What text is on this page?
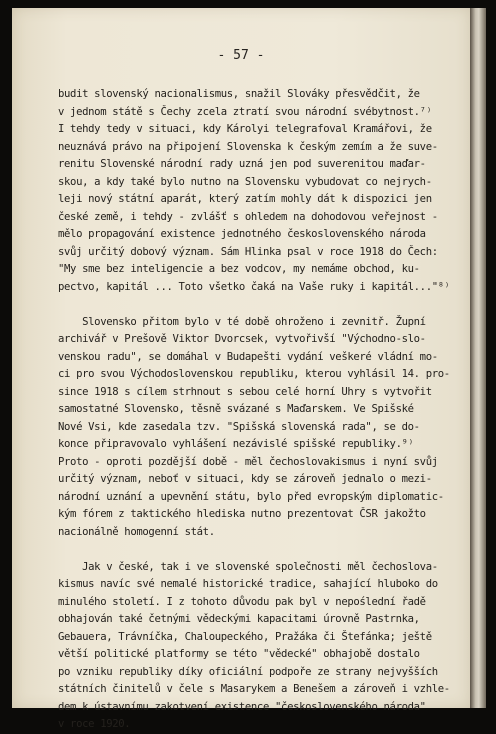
- 57 -
budit slovenský nacionalismus, snažil Slováky přesvědčit, že
v jednom státě s Čechy zcela ztratí svou národní svébytnost.⁷⁾
I tehdy tedy v situaci, kdy Károlyi telegrafoval Kramářovi, že
neuznává právo na připojení Slovenska k českým zemím a že suve-
renitu Slovenské národní rady uzná jen pod suverenitou maďar-
skou, a kdy také bylo nutno na Slovensku vybudovat co nejrych-
leji nový státní aparát, který zatím mohly dát k dispozici jen
české země, i tehdy - zvlášť s ohledem na dohodovou veřejnost -
mělo propagování existence jednotného československého národa
svůj určitý dobový význam. Sám Hlinka psal v roce 1918 do Čech:
"My sme bez inteligencie a bez vodcov, my nemáme obchod, ku-
pectvo, kapitál ... Toto všetko čaká na Vaše ruky i kapitál..."⁸⁾
Slovensko přitom bylo v té době ohroženo i zevnitř. Župní
archivář v Prešově Viktor Dvorcsek, vytvořivší "Východno-slo-
venskou radu", se domáhal v Budapešti vydání veškeré vládní mo-
ci pro svou Východoslovenskou republiku, kterou vyhlásil 14. pro-
since 1918 s cílem strhnout s sebou celé horní Uhry s vytvořit
samostatné Slovensko, těsně svázané s Maďarskem. Ve Spišské
Nové Vsi, kde zasedala tzv. "Spišská slovenská rada", se do-
konce připravovalo vyhlášení nezávislé spišské republiky.⁹⁾
Proto - oproti pozdější době - měl čechoslovakismus i nyní svůj
určitý význam, neboť v situaci, kdy se zároveň jednalo o mezi-
národní uznání a upevnění státu, bylo před evropským diplomatic-
kým fórem z taktického hlediska nutno prezentovat ČSR jakožto
nacionálně homogenní stát.
Jak v české, tak i ve slovenské společnosti měl čechoslova-
kismus navíc své nemalé historické tradice, sahající hluboko do
minulého století. I z tohoto důvodu pak byl v nepoślední řadě
obhajován také četnými vědeckými kapacitami úrovně Pastrnka,
Gebauera, Trávníčka, Chaloupeckého, Pražáka či Štefánka; ještě
větší politické platformy se této "vědecké" obhajobě dostalo
po vzniku republiky díky oficiální podpoře ze strany nejvyšších
státních činitelů v čele s Masarykem a Benešem a zároveň i vzhle-
dem k ústavnímu zakotvení existence "československého národa"
v roce 1920.
